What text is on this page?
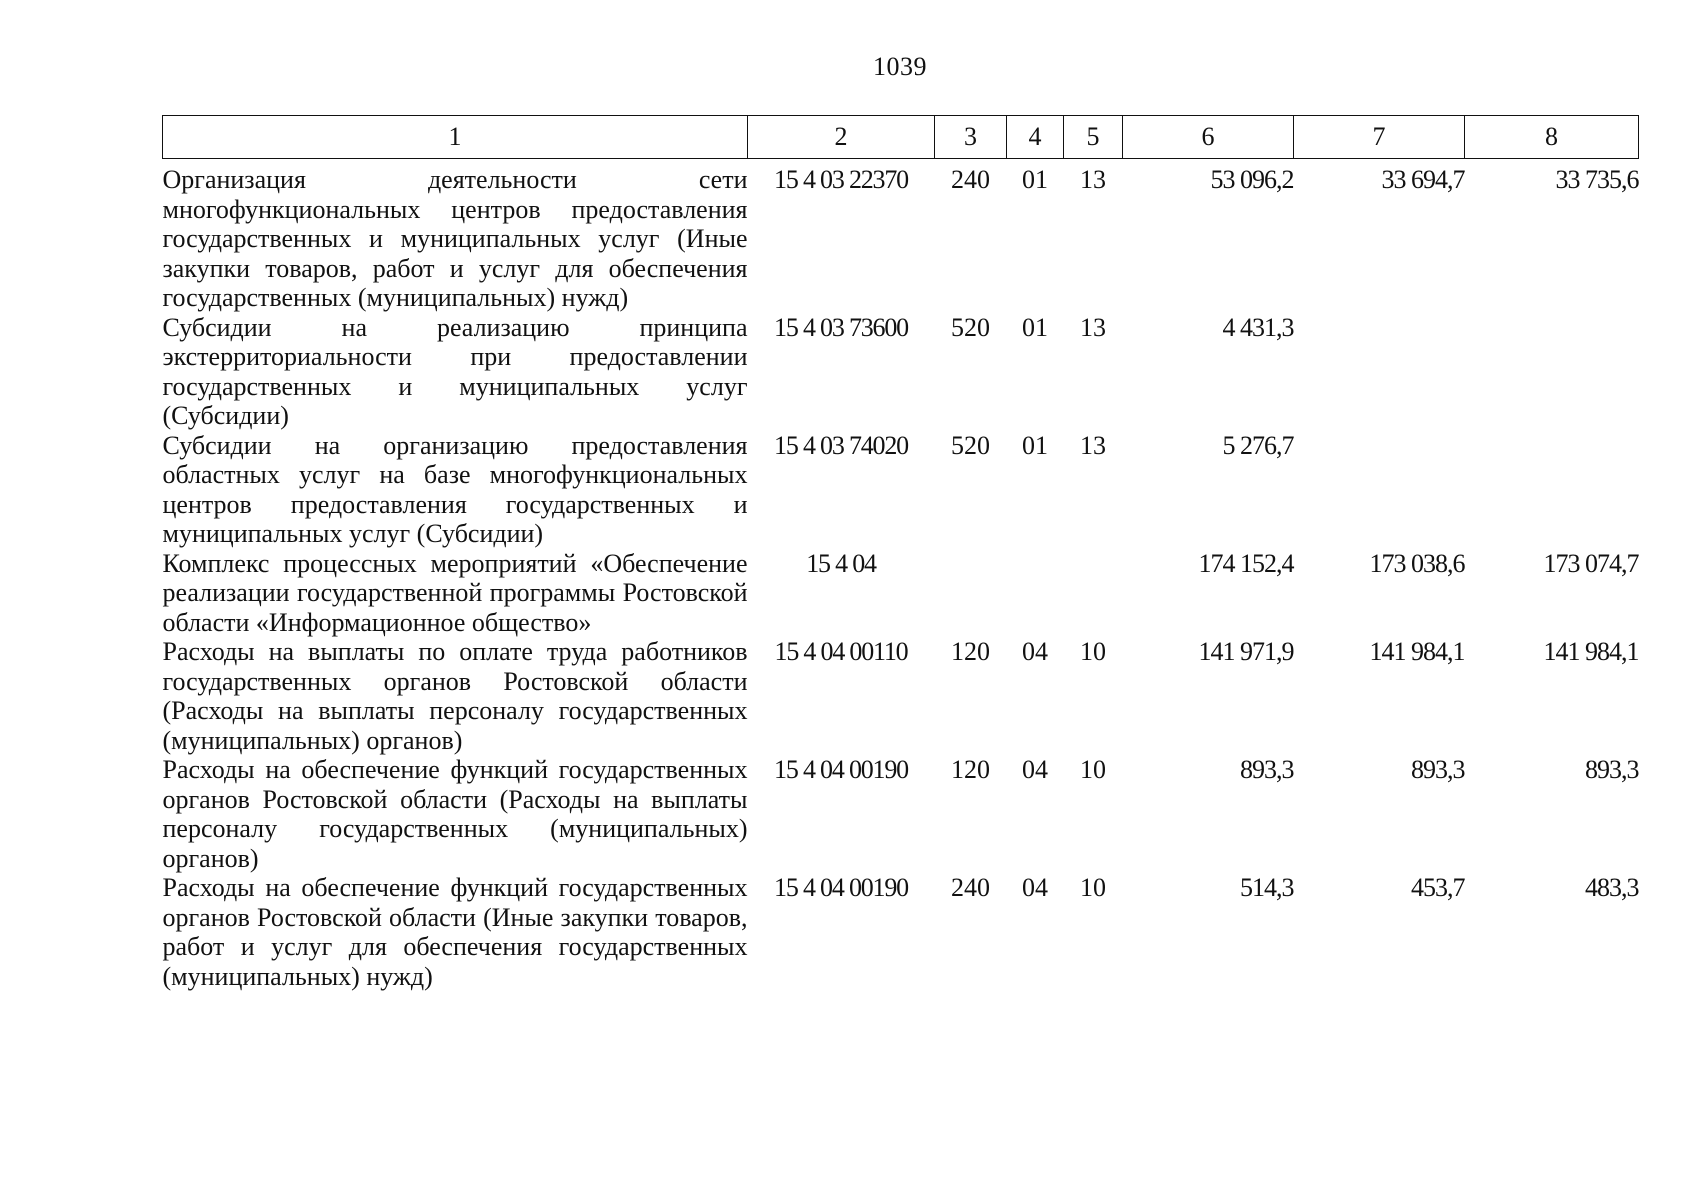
1039
1	2	3	4	5	6	7	8
Организация деятельности сети многофункциональных центров предоставления государственных и муниципальных услуг (Иные закупки товаров, работ и услуг для обеспечения государственных (муниципальных) нужд)	15 4 03 22370	240	01	13	53 096,2	33 694,7	33 735,6
Субсидии на реализацию принципа экстерриториальности при предоставлении государственных и муниципальных услуг (Субсидии)	15 4 03 73600	520	01	13	4 431,3		
Субсидии на организацию предоставления областных услуг на базе многофункциональных центров предоставления государственных и муниципальных услуг (Субсидии)	15 4 03 74020	520	01	13	5 276,7		
Комплекс процессных мероприятий «Обеспечение реализации государственной программы Ростовской области «Информационное общество»	15 4 04				174 152,4	173 038,6	173 074,7
Расходы на выплаты по оплате труда работников государственных органов Ростовской области (Расходы на выплаты персоналу государственных (муниципальных) органов)	15 4 04 00110	120	04	10	141 971,9	141 984,1	141 984,1
Расходы на обеспечение функций государственных органов Ростовской области (Расходы на выплаты персоналу государственных (муниципальных) органов)	15 4 04 00190	120	04	10	893,3	893,3	893,3
Расходы на обеспечение функций государственных органов Ростовской области (Иные закупки товаров, работ и услуг для обеспечения государственных (муниципальных) нужд)	15 4 04 00190	240	04	10	514,3	453,7	483,3
